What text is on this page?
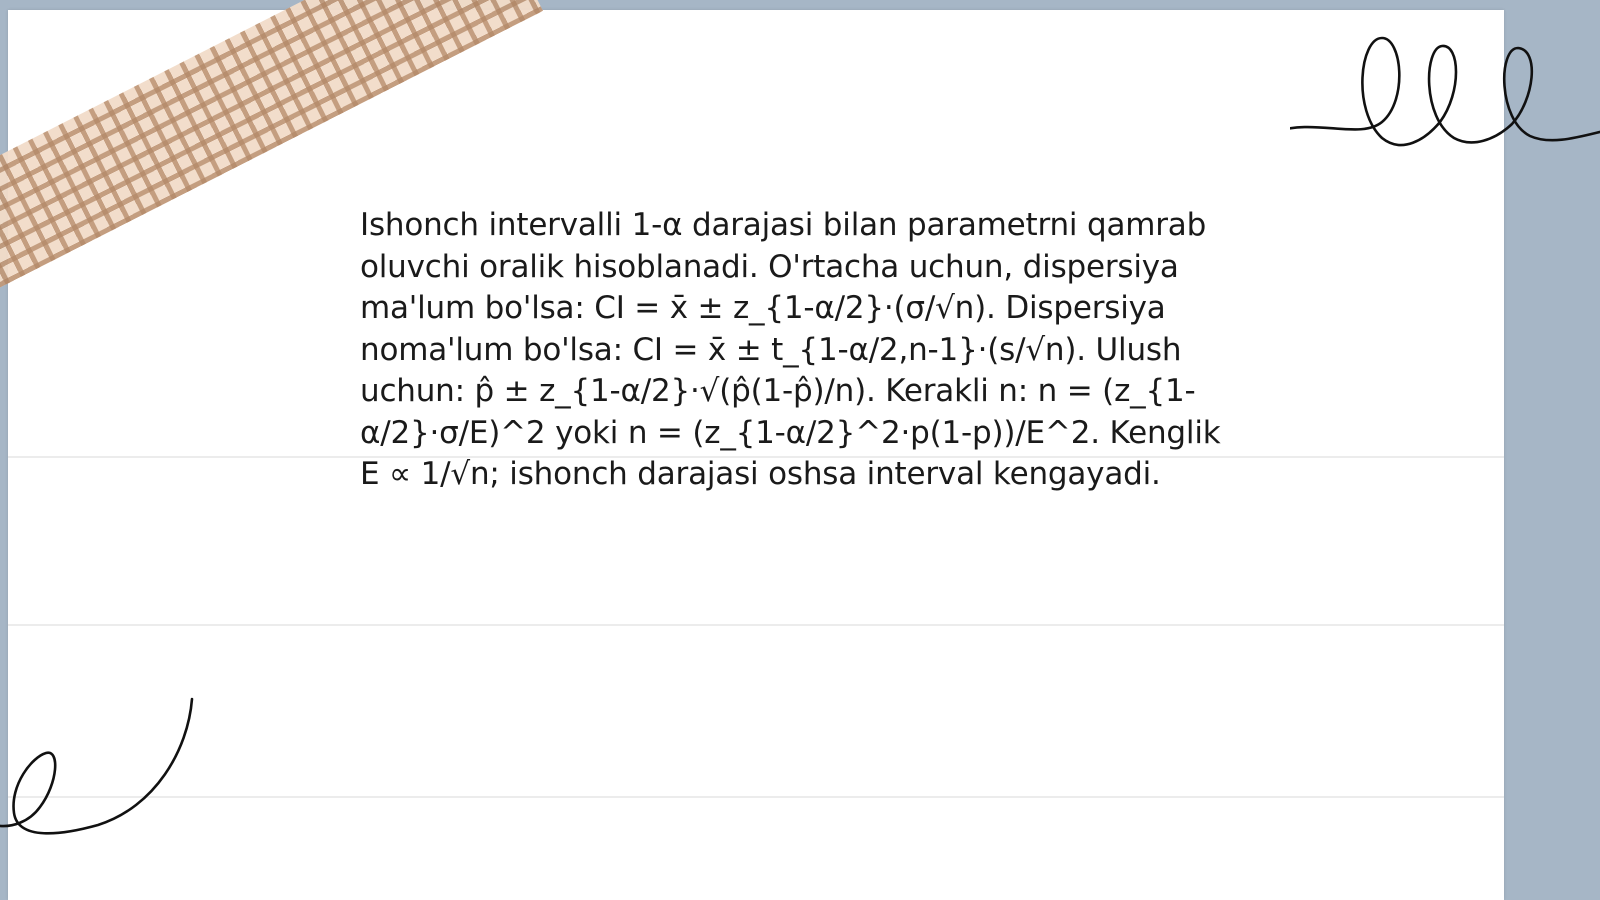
Ishonch intervalli 1-α darajasi bilan parametrni qamrab oluvchi oralik hisoblanadi. O'rtacha uchun, dispersiya ma'lum bo'lsa: CI = x̄ ± z_{1-α/2}·(σ/√n). Dispersiya noma'lum bo'lsa: CI = x̄ ± t_{1-α/2,n-1}·(s/√n). Ulush uchun: p̂ ± z_{1-α/2}·√(p̂(1-p̂)/n). Kerakli n: n = (z_{1-α/2}·σ/E)^2 yoki n = (z_{1-α/2}^2·p(1-p))/E^2. Kenglik E ∝ 1/√n; ishonch darajasi oshsa interval kengayadi.
